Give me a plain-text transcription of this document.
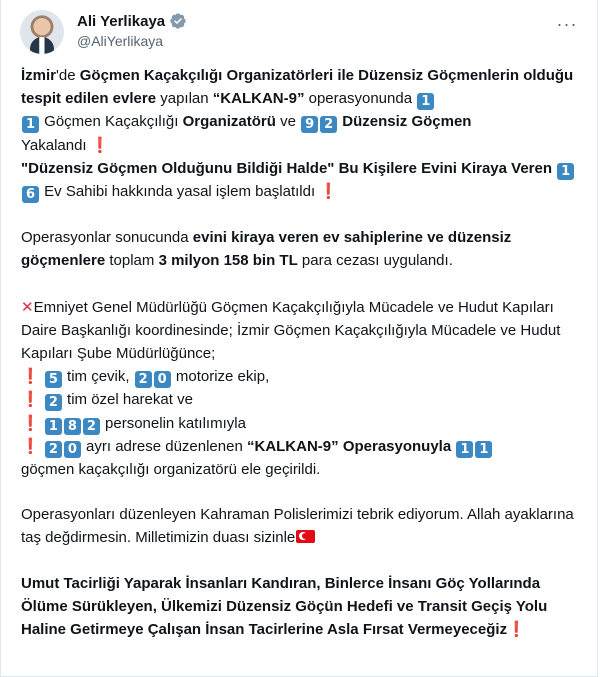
Ali Yerlikaya
@AliYerlikaya
···

İzmir'de Göçmen Kaçakçılığı Organizatörleri ile Düzensiz Göçmenlerin olduğu tespit edilen evlere yapılan “KALKAN-9” operasyonunda 1
1 Göçmen Kaçakçılığı Organizatörü ve 9 2 Düzensiz Göçmen
Yakalandı ❗
"Düzensiz Göçmen Olduğunu Bildiği Halde" Bu Kişilere Evini Kiraya Veren 16 Ev Sahibi hakkında yasal işlem başlatıldı ❗

Operasyonlar sonucunda evini kiraya veren ev sahiplerine ve düzensiz göçmenlere toplam 3 milyon 158 bin TL para cezası uygulandı.

✕Emniyet Genel Müdürlüğü Göçmen Kaçakçılığıyla Mücadele ve Hudut Kapıları Daire Başkanlığı koordinesinde; İzmir Göçmen Kaçakçılığıyla Mücadele ve Hudut Kapıları Şube Müdürlüğünce;
❗ 5 tim çevik, 2 0 motorize ekip,
❗ 2 tim özel harekat ve
❗ 1 8 2 personelin katılımıyla
❗ 2 0 ayrı adrese düzenlenen “KALKAN-9” Operasyonuyla 1 1
göçmen kaçakçılığı organizatörü ele geçirildi.

Operasyonları düzenleyen Kahraman Polislerimizi tebrik ediyorum. Allah ayaklarına taş değdirmesin. Milletimizin duası sizinle

Umut Tacirliği Yaparak İnsanları Kandıran, Binlerce İnsanı Göç Yollarında Ölüme Sürükleyen, Ülkemizi Düzensiz Göçün Hedefi ve Transit Geçiş Yolu Haline Getirmeye Çalışan İnsan Tacirlerine Asla Fırsat Vermeyeceğiz❗
